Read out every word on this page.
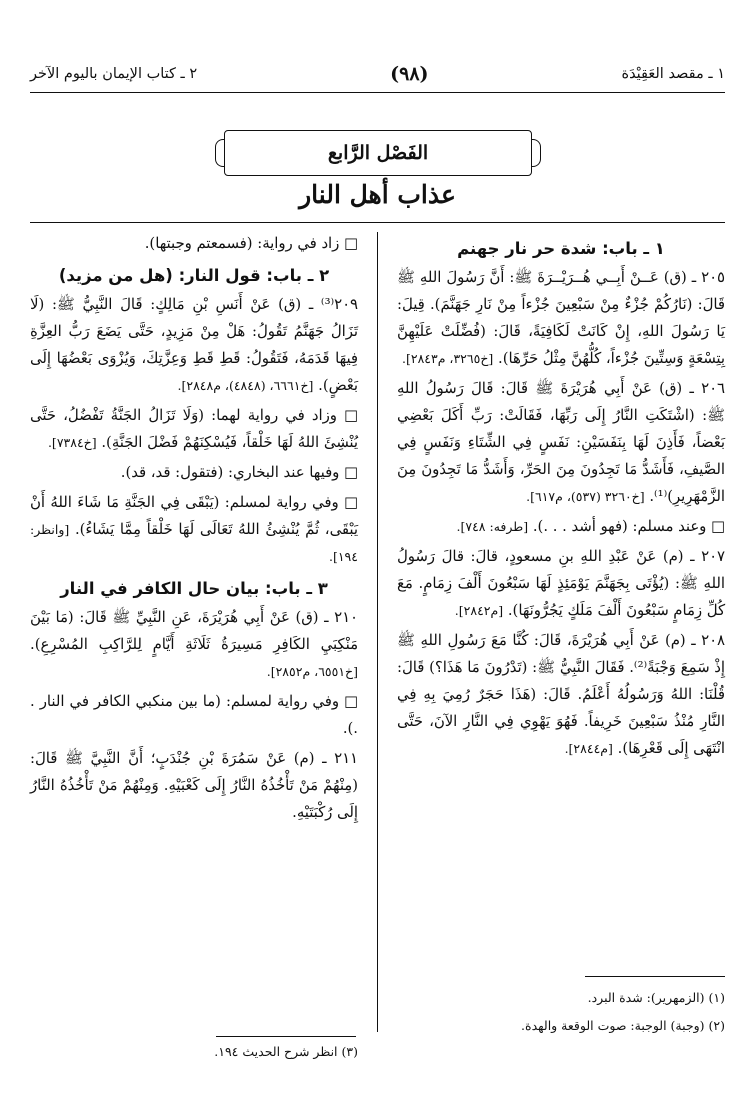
١ ـ مقصد العَقِيْدَة
(٩٨)
٢ ـ كتاب الإيمان باليوم الآخر
الفَصْل الرَّابع
عذاب أهل النار
١ ـ باب: شدة حر نار جهنم
٢٠٥ ـ (ق) عَــنْ أَبِــي هُــرَيْــرَةَ ﷺ: أَنَّ رَسُولَ اللهِ ﷺ قَالَ: (نَارُكُمْ جُزْءٌ مِنْ سَبْعِينَ جُزْءاً مِنْ نَارِ جَهَنَّمَ). قِيلَ: يَا رَسُولَ اللهِ، إِنْ كَانَتْ لَكَافِيَةً، قَالَ: (فُضِّلَتْ عَلَيْهِنَّ بِتِسْعَةٍ وَسِتِّينَ جُزْءاً، كُلُّهُنَّ مِثْلُ حَرِّهَا). [خ٣٢٦٥، م٢٨٤٣].
٢٠٦ ـ (ق) عَنْ أَبِي هُرَيْرَةَ ﷺ قَالَ: قَالَ رَسُولُ اللهِ ﷺ: (اشْتَكَتِ النَّارُ إِلَى رَبِّهَا، فَقَالَتْ: رَبِّ أَكَلَ بَعْضِي بَعْضاً، فَأَذِنَ لَهَا بِنَفَسَيْنِ: نَفَسٍ فِي الشِّتَاءِ وَنَفَسٍ فِي الصَّيفِ، فَأَشَدُّ مَا تَجِدُونَ مِنَ الحَرِّ، وَأَشَدُّ مَا تَجِدُونَ مِنَ الزَّمْهَرِيرِ)⁽¹⁾. [خ٣٢٦٠ (٥٣٧)، م٦١٧].
□ وعند مسلم: (فهو أشد . . .). [طرفه: ٧٤٨].
٢٠٧ ـ (م) عَنْ عَبْدِ اللهِ بنِ مسعودٍ، قالَ: قالَ رَسُولُ اللهِ ﷺ: (يُؤْتَى بِجَهَنَّمَ يَوْمَئِذٍ لَهَا سَبْعُونَ أَلْفَ زِمَامٍ. مَعَ كُلِّ زِمَامٍ سَبْعُونَ أَلْفَ مَلَكٍ يَجُرُّونَهَا). [م٢٨٤٢].
٢٠٨ ـ (م) عَنْ أَبِي هُرَيْرَةَ، قَالَ: كُنَّا مَعَ رَسُولِ اللهِ ﷺ إِذْ سَمِعَ وَجْبَةً⁽²⁾. فَقَالَ النَّبِيُّ ﷺ: (تَدْرُونَ مَا هَذَا؟) قَالَ: قُلْنَا: اللهُ وَرَسُولُهُ أَعْلَمُ. قَالَ: (هَذَا حَجَرٌ رُمِيَ بِهِ فِي النَّارِ مُنْذُ سَبْعِينَ خَرِيفاً. فَهُوَ يَهْوِي فِي النَّارِ الآنَ، حَتَّى انْتَهَى إِلَى قَعْرِهَا). [م٢٨٤٤].
□ زاد في رواية: (فسمعتم وجبتها).
٢ ـ باب: قول النار: (هل من مزيد)
٢٠٩⁽³⁾ ـ (ق) عَنْ أَنَسِ بْنِ مَالِكٍ: قَالَ النَّبِيُّ ﷺ: (لَا تَزَالُ جَهَنَّمُ تَقُولُ: هَلْ مِنْ مَزِيدٍ، حَتَّى يَضَعَ رَبُّ العِزَّةِ فِيهَا قَدَمَهُ، فَتَقُولُ: قَطِ قَطِ وَعِزَّتِكَ، وَيُزْوَى بَعْضُهَا إِلَى بَعْضٍ). [خ٦٦٦١، (٤٨٤٨)، م٢٨٤٨].
□ وزاد في رواية لهما: (وَلَا تَزَالُ الجَنَّةُ تَفْضُلُ، حَتَّى يُنْشِئَ اللهُ لَهَا خَلْقاً، فَيُسْكِنَهُمْ فَضْلَ الجَنَّةِ). [خ٧٣٨٤].
□ وفيها عند البخاري: (فتقول: قد، قد).
□ وفي رواية لمسلم: (يَبْقَى فِي الجَنَّةِ مَا شَاءَ اللهُ أَنْ يَبْقَى، ثُمَّ يُنْشِئُ اللهُ تَعَالَى لَهَا خَلْقاً مِمَّا يَشَاءُ). [وانظر: ١٩٤].
٣ ـ باب: بيان حال الكافر في النار
٢١٠ ـ (ق) عَنْ أَبِي هُرَيْرَةَ، عَنِ النَّبِيِّ ﷺ قَالَ: (مَا بَيْنَ مَنْكِبَيِ الكَافِرِ مَسِيرَةُ ثَلَاثَةِ أَيَّامٍ لِلرَّاكِبِ المُسْرِعِ). [خ٦٥٥١، م٢٨٥٢].
□ وفي رواية لمسلم: (ما بين منكبي الكافر في النار . .).
٢١١ ـ (م) عَنْ سَمُرَةَ بْنِ جُنْدَبٍ؛ أَنَّ النَّبِيَّ ﷺ قَالَ: (مِنْهُمْ مَنْ تَأْخُذُهُ النَّارُ إِلَى كَعْبَيْهِ. وَمِنْهُمْ مَنْ تَأْخُذُهُ النَّارُ إِلَى رُكْبَتَيْهِ.
(١) (الزمهرير): شدة البرد.
(٢) (وجبة) الوجبة: صوت الوقعة والهدة.
(٣) انظر شرح الحديث ١٩٤.
